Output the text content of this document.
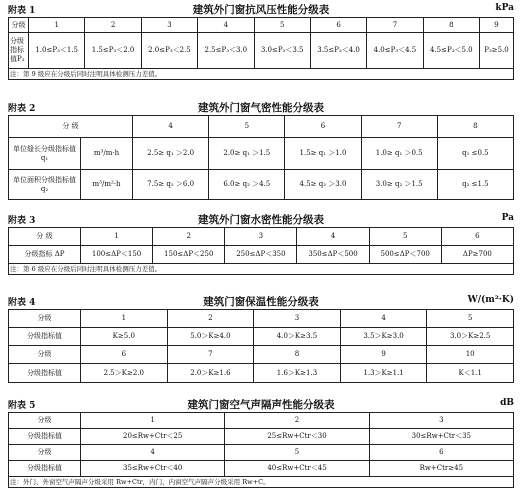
附表 1	建筑外门窗抗风压性能分级表	kPa
分级	1	2	3	4	5	6	7	8	9
分级指标值P₃	1.0≤P₃＜1.5	1.5≤P₃＜2.0	2.0≤P₃＜2.5	2.5≤P₃＜3.0	3.0≤P₃＜3.5	3.5≤P₃＜4.0	4.0≤P₃＜4.5	4.5≤P₃＜5.0	P₃≥5.0
注：第 9 级应在分级后同时注明具体检测压力差值。									
附表 2	建筑外门窗气密性能分级表
分 级		4	5	6	7	8
单位缝长分级指标值 q₁	m³/m·h	2.5≥ q₁ ＞2.0	2.0≥ q₁ ＞1.5	1.5≥ q₁ ＞1.0	1.0≥ q₁ ＞0.5	q₁ ≤0.5
单位面积分级指标值 q₂	m³/m²·h	7.5≥ q₂ ＞6.0	6.0≥ q₂ ＞4.5	4.5≥ q₂ ＞3.0	3.0≥ q₂ ＞1.5	q₂ ≤1.5
附表 3	建筑外门窗水密性能分级表	Pa
分 级	1	2	3	4	5	6
分级指标 ΔP	100≤ΔP＜150	150≤ΔP＜250	250≤ΔP＜350	350≤ΔP＜500	500≤ΔP＜700	ΔP≥700
注：第 6 级应在分级后同时注明具体检测压力差值。						
附表 4	建筑门窗保温性能分级表	W/(m²·K)
分级	1	2	3	4	5
分级指标值	K≥5.0	5.0＞K≥4.0	4.0＞K≥3.5	3.5＞K≥3.0	3.0＞K≥2.5
分级	6	7	8	9	10
分级指标值	2.5＞K≥2.0	2.0＞K≥1.6	1.6＞K≥1.3	1.3＞K≥1.1	K＜1.1
附表 5	建筑门窗空气声隔声性能分级表	dB
分级	1	2	3
分级指标值	20≤Rw+Ctr＜25	25≤Rw+Ctr＜30	30≤Rw+Ctr＜35
分级	4	5	6
分级指标值	35≤Rw+Ctr＜40	40≤Rw+Ctr＜45	Rw+Ctr≥45
注：外门、外窗空气声隔声分级采用 Rw+Ctr，内门、内窗空气声隔声分级采用 Rw+C。			
